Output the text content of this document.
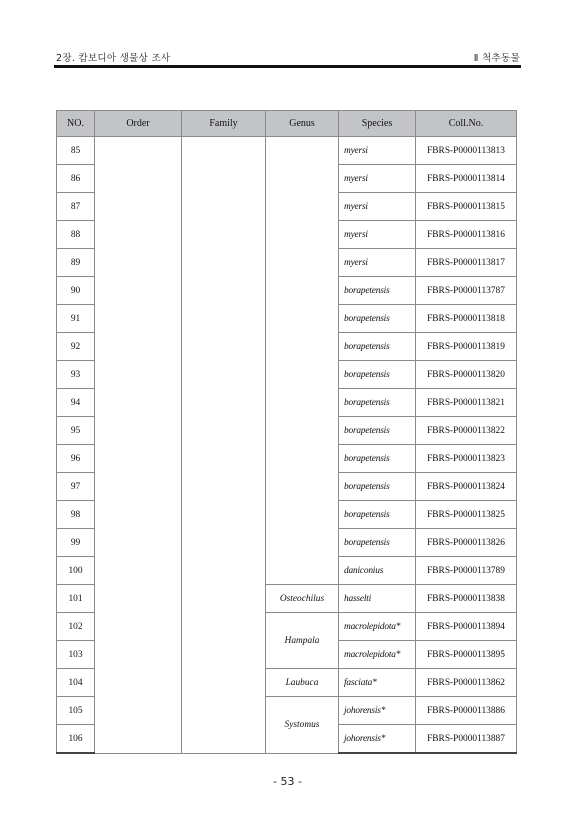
2장. 캄보디아 생물상 조사	Ⅱ 척추동물
NO.	Order	Family	Genus	Species	Coll.No.
85				myersi	FBRS-P0000113813
86				myersi	FBRS-P0000113814
87				myersi	FBRS-P0000113815
88				myersi	FBRS-P0000113816
89				myersi	FBRS-P0000113817
90				borapetensis	FBRS-P0000113787
91				borapetensis	FBRS-P0000113818
92				borapetensis	FBRS-P0000113819
93				borapetensis	FBRS-P0000113820
94				borapetensis	FBRS-P0000113821
95				borapetensis	FBRS-P0000113822
96				borapetensis	FBRS-P0000113823
97				borapetensis	FBRS-P0000113824
98				borapetensis	FBRS-P0000113825
99				borapetensis	FBRS-P0000113826
100				daniconius	FBRS-P0000113789
101			Osteochilus	hasselti	FBRS-P0000113838
102			Hampala	macrolepidota*	FBRS-P0000113894
103				macrolepidota*	FBRS-P0000113895
104			Laubuca	fasciata*	FBRS-P0000113862
105			Systomus	johorensis*	FBRS-P0000113886
106				johorensis*	FBRS-P0000113887
- 53 -
